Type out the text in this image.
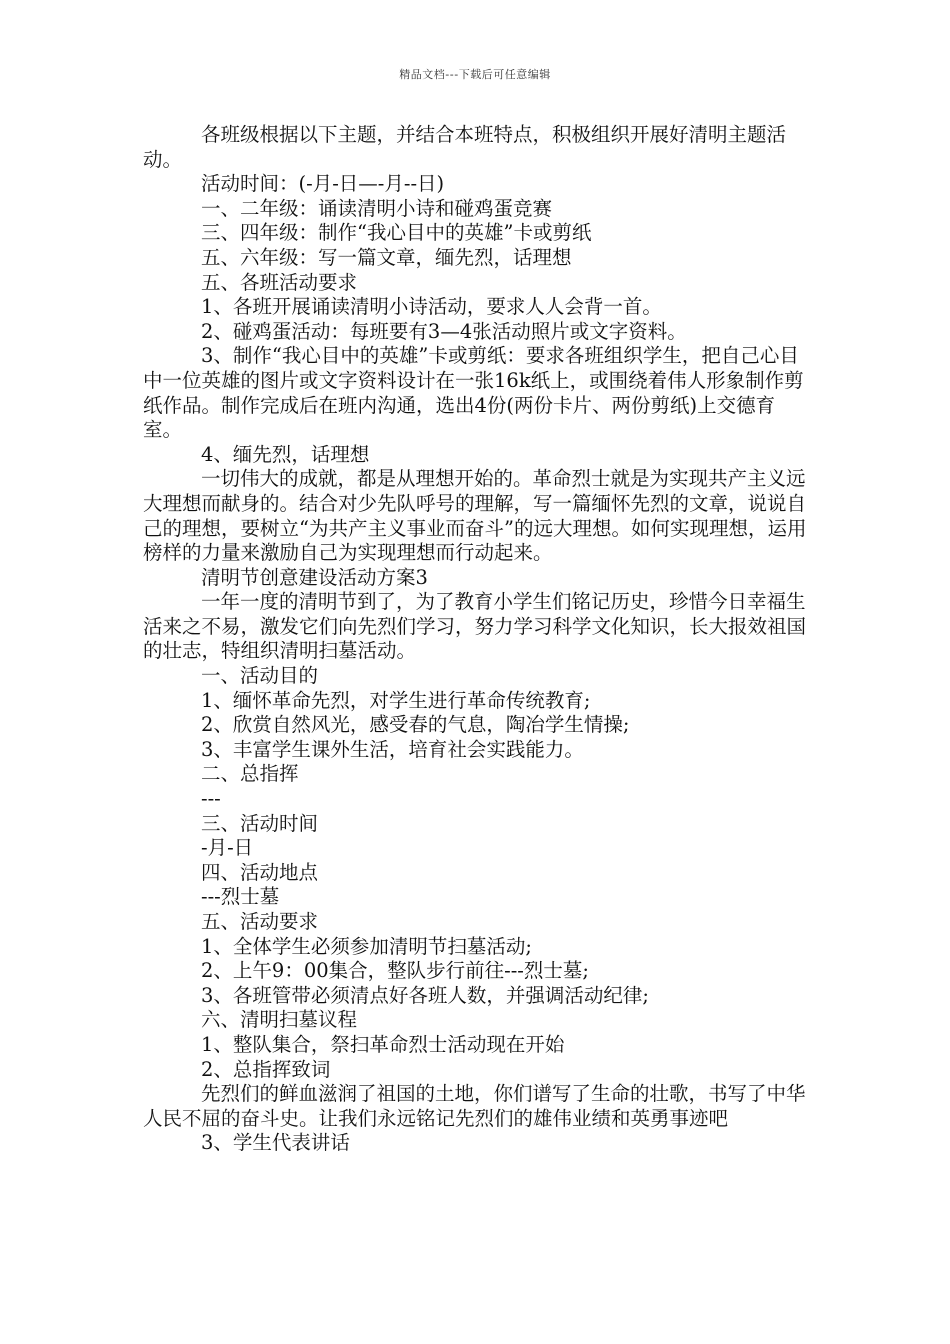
精品文档---下载后可任意编辑

各班级根据以下主题，并结合本班特点，积极组织开展好清明主题活动。

活动时间：(-月-日—-月--日)

一、二年级：诵读清明小诗和碰鸡蛋竞赛

三、四年级：制作“我心目中的英雄”卡或剪纸

五、六年级：写一篇文章，缅先烈，话理想

五、各班活动要求

1、各班开展诵读清明小诗活动，要求人人会背一首。

2、碰鸡蛋活动：每班要有3—4张活动照片或文字资料。

3、制作“我心目中的英雄”卡或剪纸：要求各班组织学生，把自己心目中一位英雄的图片或文字资料设计在一张16k纸上，或围绕着伟人形象制作剪纸作品。制作完成后在班内沟通，选出4份(两份卡片、两份剪纸)上交德育室。

4、缅先烈，话理想

一切伟大的成就，都是从理想开始的。革命烈士就是为实现共产主义远大理想而献身的。结合对少先队呼号的理解，写一篇缅怀先烈的文章，说说自己的理想，要树立“为共产主义事业而奋斗”的远大理想。如何实现理想，运用榜样的力量来激励自己为实现理想而行动起来。

清明节创意建设活动方案3

一年一度的清明节到了，为了教育小学生们铭记历史，珍惜今日幸福生活来之不易，激发它们向先烈们学习，努力学习科学文化知识，长大报效祖国的壮志，特组织清明扫墓活动。

一、活动目的

1、缅怀革命先烈，对学生进行革命传统教育;

2、欣赏自然风光，感受春的气息，陶冶学生情操;

3、丰富学生课外生活，培育社会实践能力。

二、总指挥

---

三、活动时间

-月-日

四、活动地点

---烈士墓

五、活动要求

1、全体学生必须参加清明节扫墓活动;

2、上午9：00集合，整队步行前往---烈士墓;

3、各班管带必须清点好各班人数，并强调活动纪律;

六、清明扫墓议程

1、整队集合，祭扫革命烈士活动现在开始

2、总指挥致词

先烈们的鲜血滋润了祖国的土地，你们谱写了生命的壮歌，书写了中华人民不屈的奋斗史。让我们永远铭记先烈们的雄伟业绩和英勇事迹吧

3、学生代表讲话
